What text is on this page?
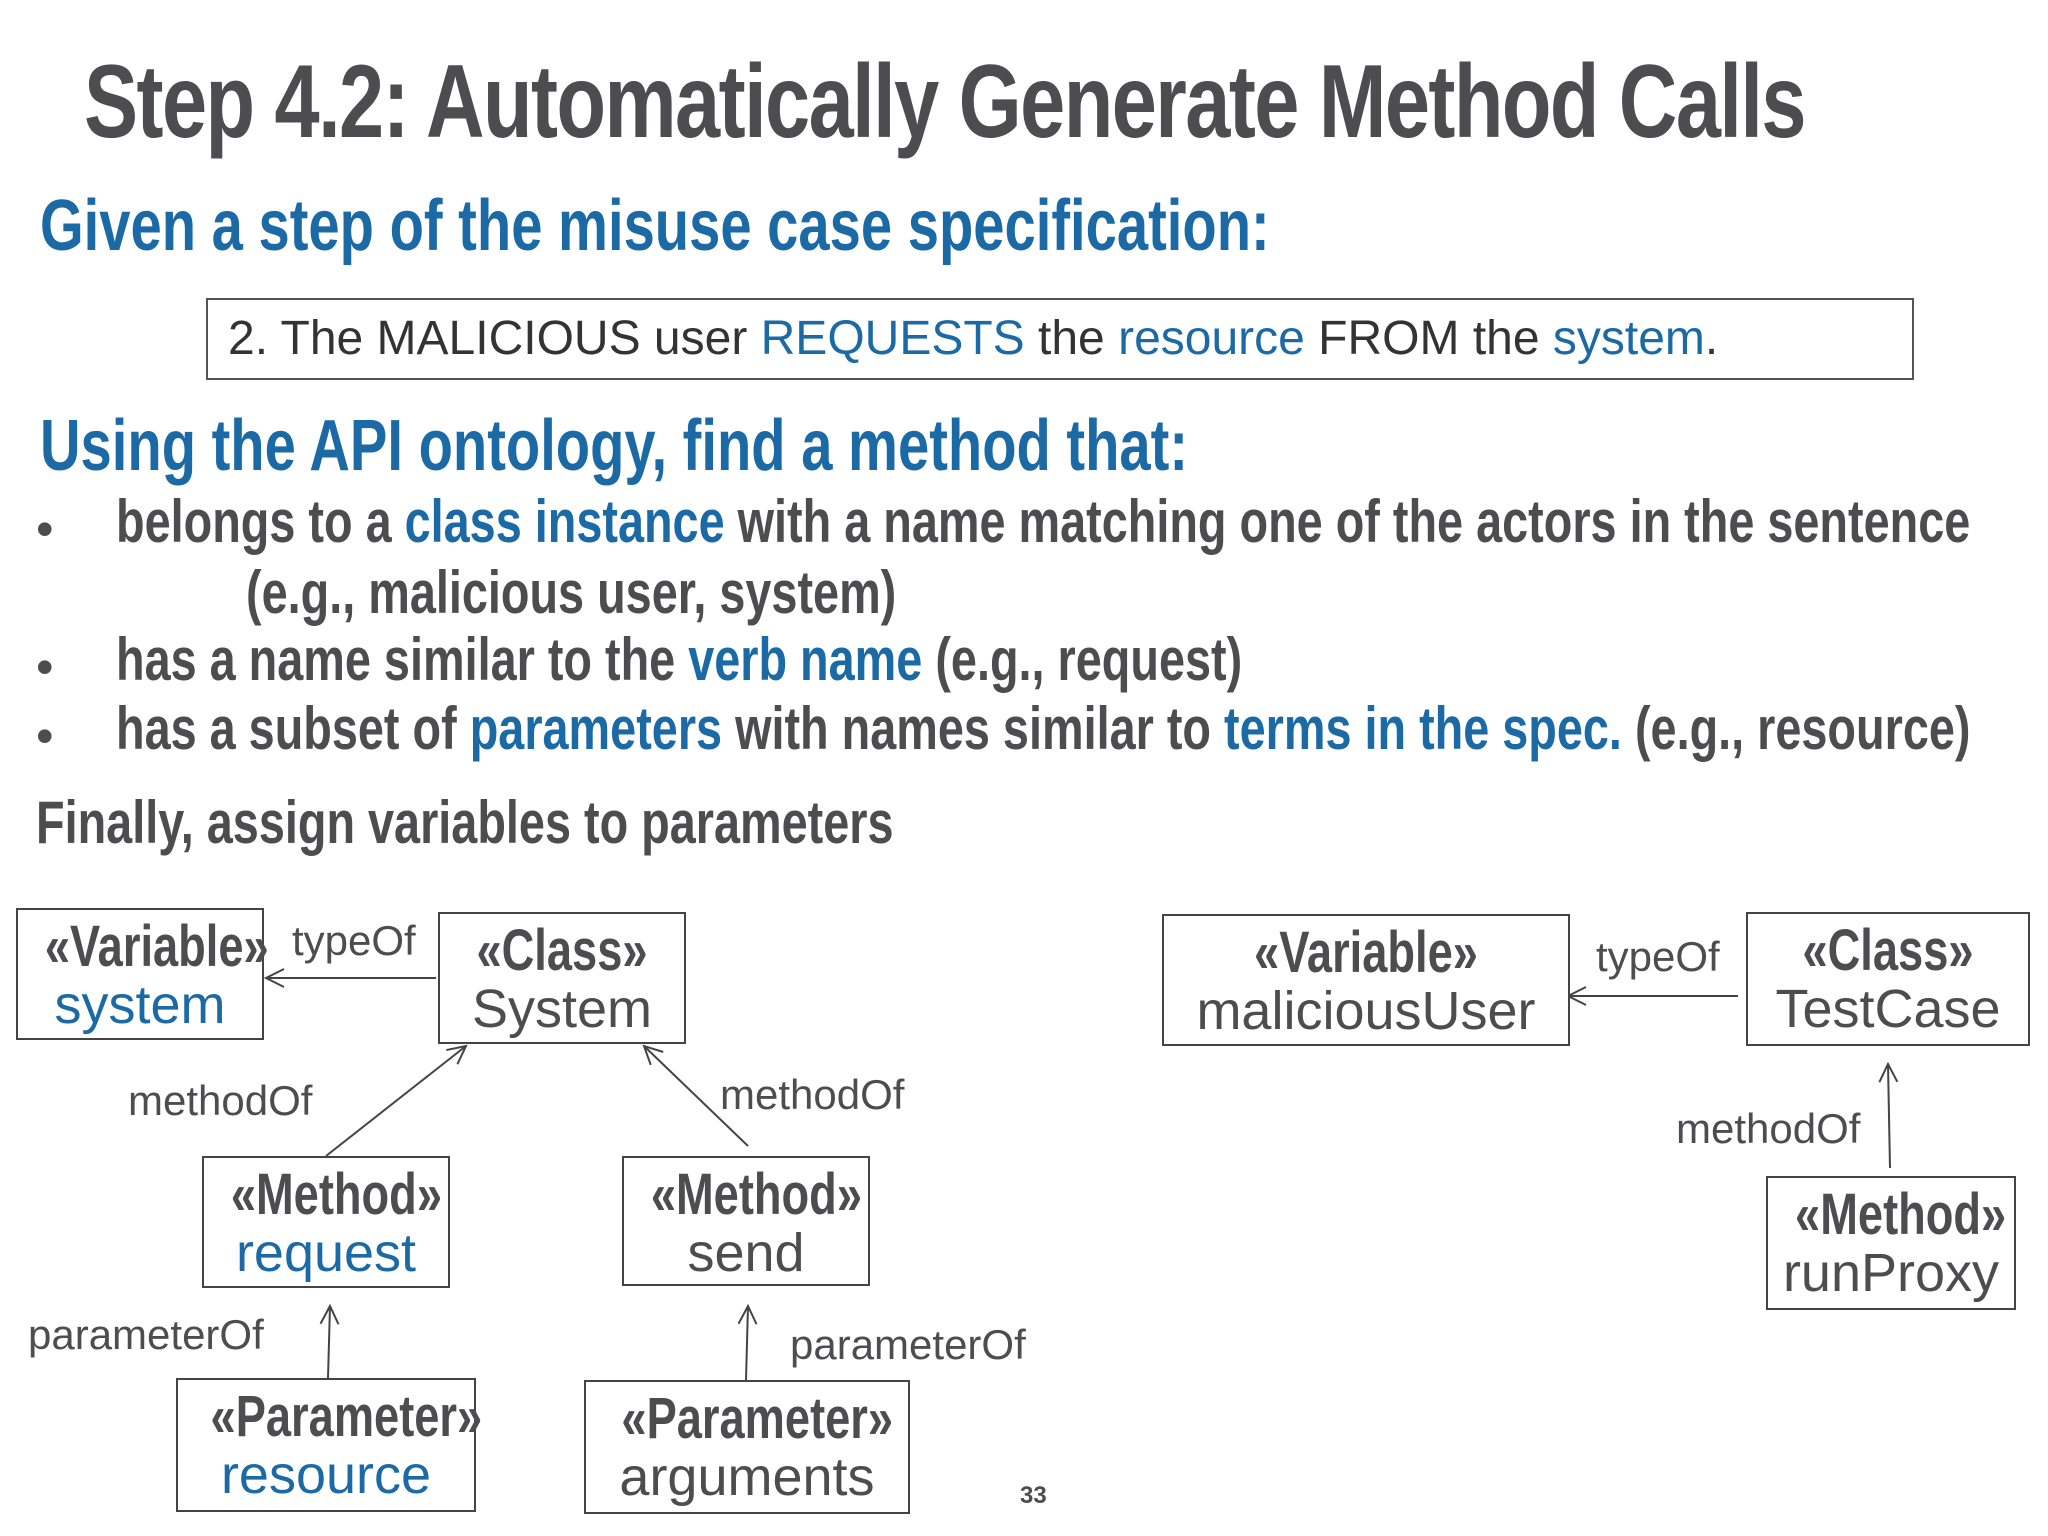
Step 4.2: Automatically Generate Method Calls
Given a step of the misuse case specification:
2. The MALICIOUS user REQUESTS the resource FROM the system.
Using the API ontology, find a method that:
• belongs to a class instance with a name matching one of the actors in the sentence

(e.g., malicious user, system)

• has a name similar to the verb name (e.g., request)

• has a subset of parameters with names similar to terms in the spec. (e.g., resource)

Finally, assign variables to parameters

«Variable»
system
«Class»
System
«Method»
request
«Method»
send
«Parameter»
resource
«Parameter»
arguments
«Variable»
maliciousUser
«Class»
TestCase
«Method»
runProxy
typeOf
methodOf	methodOf
parameterOf	parameterOf
typeOf
methodOf
33
